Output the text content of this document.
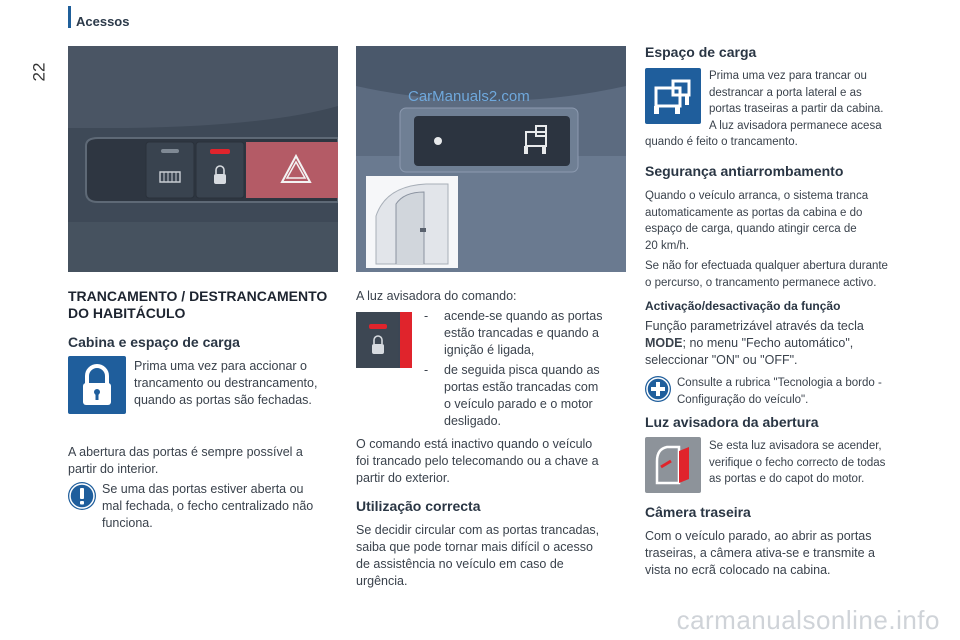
Acessos
22
CarManuals2.com
TRANCAMENTO / DESTRANCAMENTO
DO HABITÁCULO
Cabina e espaço de carga
Prima uma vez para accionar o
trancamento ou destrancamento,
quando as portas são fechadas.
A abertura das portas é sempre possível a
partir do interior.
Se uma das portas estiver aberta ou
mal fechada, o fecho centralizado não
funciona.
A luz avisadora do comando:
- acende-se quando as portas
estão trancadas e quando a
ignição é ligada,
- de seguida pisca quando as
portas estão trancadas com
o veículo parado e o motor
desligado.
O comando está inactivo quando o veículo
foi trancado pelo telecomando ou a chave a
partir do exterior.
Utilização correcta
Se decidir circular com as portas trancadas,
saiba que pode tornar mais difícil o acesso
de assistência no veículo em caso de
urgência.
Espaço de carga
Prima uma vez para trancar ou
destrancar a porta lateral e as
portas traseiras a partir da cabina.
A luz avisadora permanece acesa
quando é feito o trancamento.
Segurança antiarrombamento
Quando o veículo arranca, o sistema tranca
automaticamente as portas da cabina e do
espaço de carga, quando atingir cerca de
20 km/h.
Se não for efectuada qualquer abertura durante
o percurso, o trancamento permanece activo.
Activação/desactivação da função
Função parametrizável através da tecla
MODE; no menu "Fecho automático",
seleccionar "ON" ou "OFF".
Consulte a rubrica "Tecnologia a bordo -
Configuração do veículo".
Luz avisadora da abertura
Se esta luz avisadora se acender,
verifique o fecho correcto de todas
as portas e do capot do motor.
Câmera traseira
Com o veículo parado, ao abrir as portas
traseiras, a câmera ativa-se e transmite a
vista no ecrã colocado na cabina.
carmanualsonline.info
